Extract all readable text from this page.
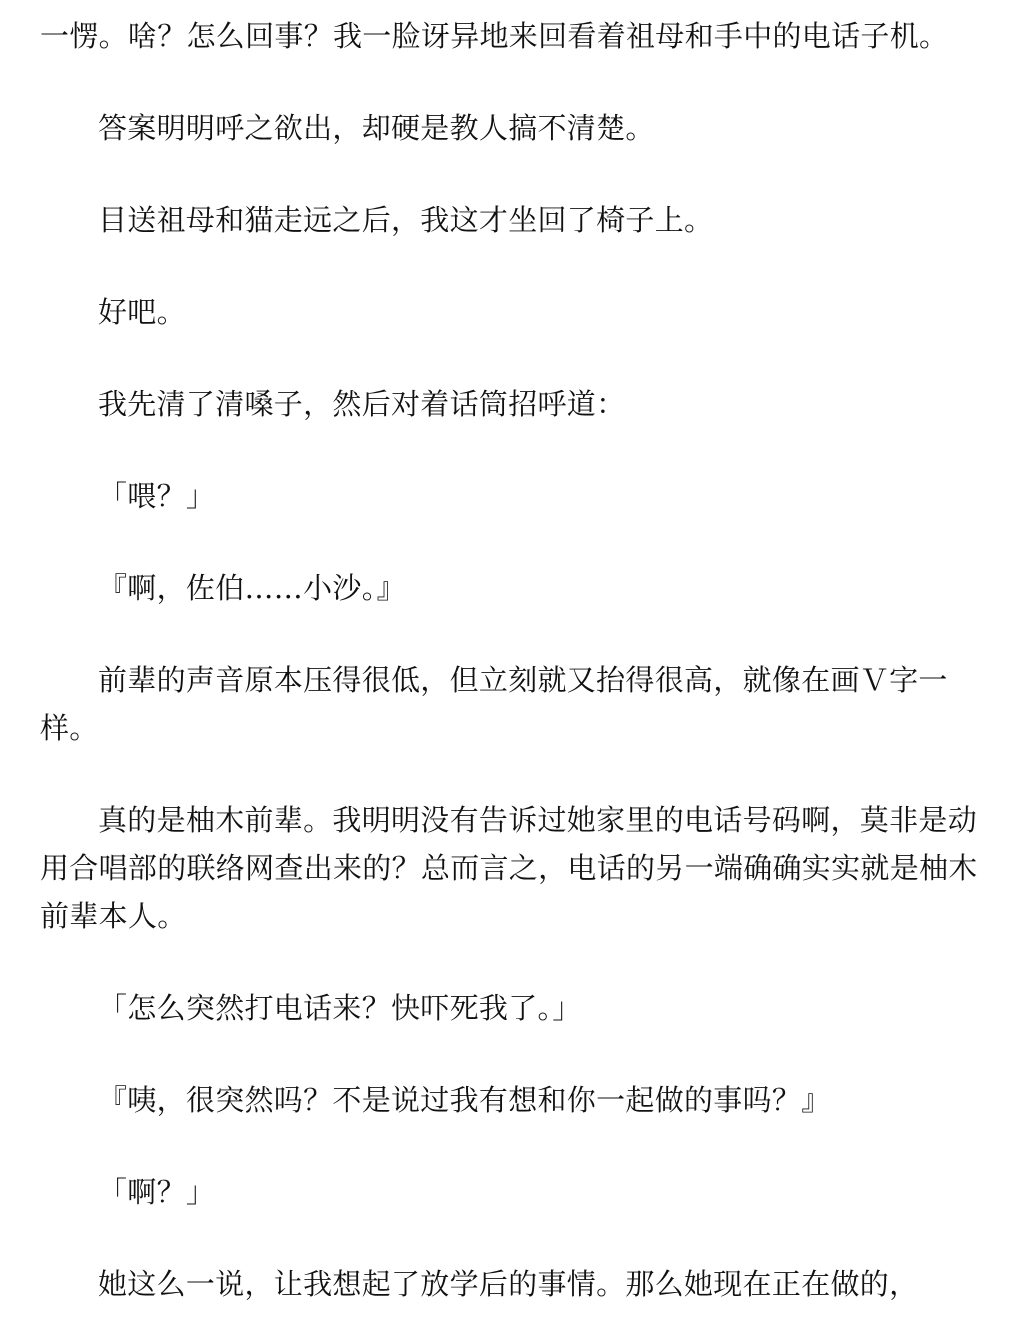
一愣。啥？怎么回事？我一脸讶异地来回看着祖母和手中的电话子机。

答案明明呼之欲出，却硬是教人搞不清楚。

目送祖母和猫走远之后，我这才坐回了椅子上。

好吧。

我先清了清嗓子，然后对着话筒招呼道：

「喂？」

『啊，佐伯……小沙。』

前辈的声音原本压得很低，但立刻就又抬得很高，就像在画Ｖ字一样。

真的是柚木前辈。我明明没有告诉过她家里的电话号码啊，莫非是动用合唱部的联络网查出来的？总而言之，电话的另一端确确实实就是柚木前辈本人。

「怎么突然打电话来？快吓死我了。」

『咦，很突然吗？不是说过我有想和你一起做的事吗？』

「啊？」

她这么一说，让我想起了放学后的事情。那么她现在正在做的，
